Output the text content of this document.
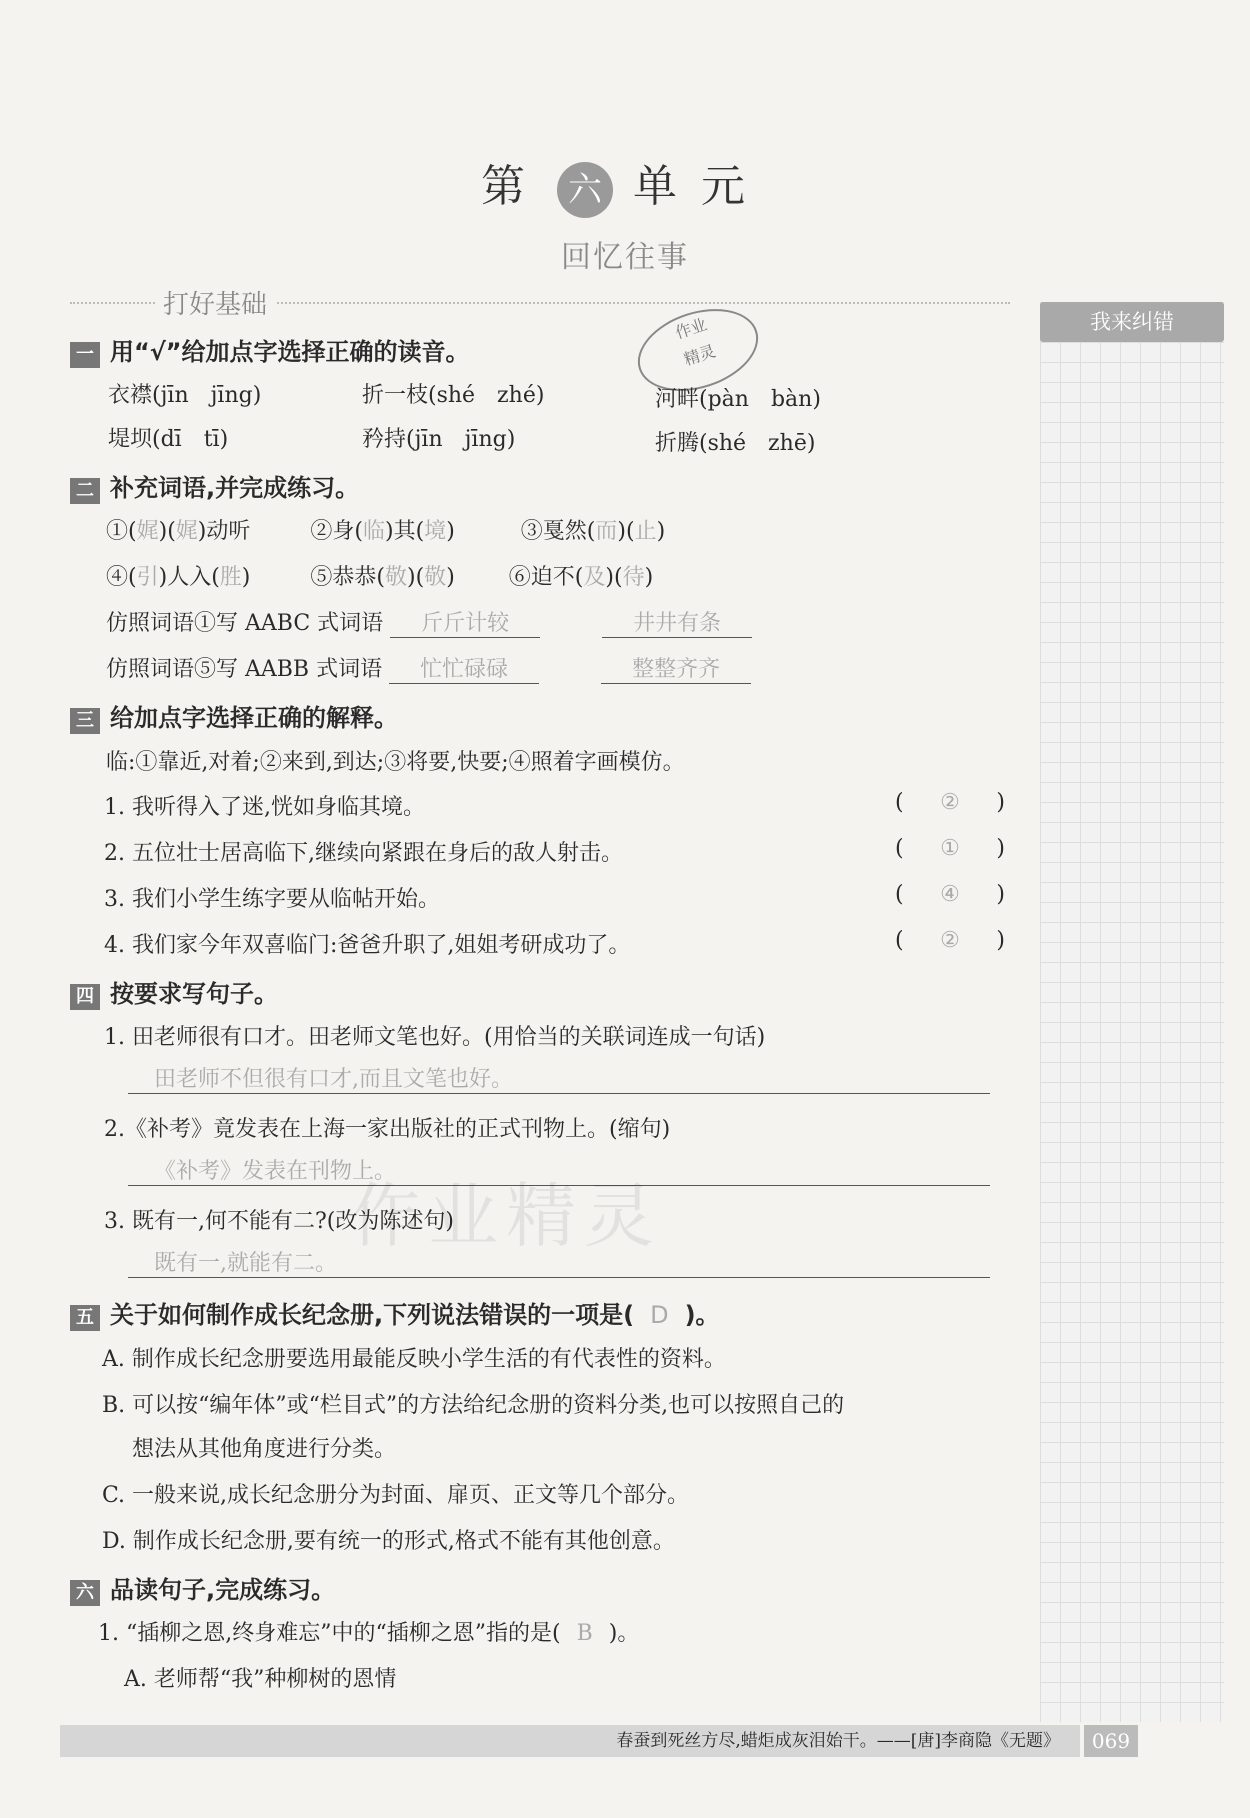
第 六 单元
回忆往事
打好基础
我来纠错
作业
精灵
一 用“√”给加点字选择正确的读音。
衣襟(jīn　jīng)	折一枝(shé　zhé)	河畔(pàn　bàn)
堤坝(dī　tī)	矜持(jīn　jīng)	折腾(shé　zhē)
二 补充词语,并完成练习。
①(娓)(娓)动听	②身(临)其(境)	③戛然(而)(止)
④(引)人入(胜)	⑤恭恭(敬)(敬) ⑥迫不(及)(待)
仿照词语①写 AABC 式词语 斤斤计较	井井有条
仿照词语⑤写 AABB 式词语 忙忙碌碌	整整齐齐
三 给加点字选择正确的解释。
临:①靠近,对着;②来到,到达;③将要,快要;④照着字画模仿。
1. 我听得入了迷,恍如身临其境。	( ② )
2. 五位壮士居高临下,继续向紧跟在身后的敌人射击。	( ① )
3. 我们小学生练字要从临帖开始。	( ④ )
4. 我们家今年双喜临门:爸爸升职了,姐姐考研成功了。	( ② )
四 按要求写句子。
1. 田老师很有口才。田老师文笔也好。(用恰当的关联词连成一句话)
田老师不但很有口才,而且文笔也好。
2.《补考》竟发表在上海一家出版社的正式刊物上。(缩句)
《补考》发表在刊物上。
3. 既有一,何不能有二?(改为陈述句)
既有一,就能有二。
五 关于如何制作成长纪念册,下列说法错误的一项是( D )。
A. 制作成长纪念册要选用最能反映小学生活的有代表性的资料。
B. 可以按“编年体”或“栏目式”的方法给纪念册的资料分类,也可以按照自己的
想法从其他角度进行分类。
C. 一般来说,成长纪念册分为封面、扉页、正文等几个部分。
D. 制作成长纪念册,要有统一的形式,格式不能有其他创意。
六 品读句子,完成练习。
1. “插柳之恩,终身难忘”中的“插柳之恩”指的是( B )。
A. 老师帮“我”种柳树的恩情
作业精灵
春蚕到死丝方尽,蜡炬成灰泪始干。——[唐]李商隐《无题》	069
